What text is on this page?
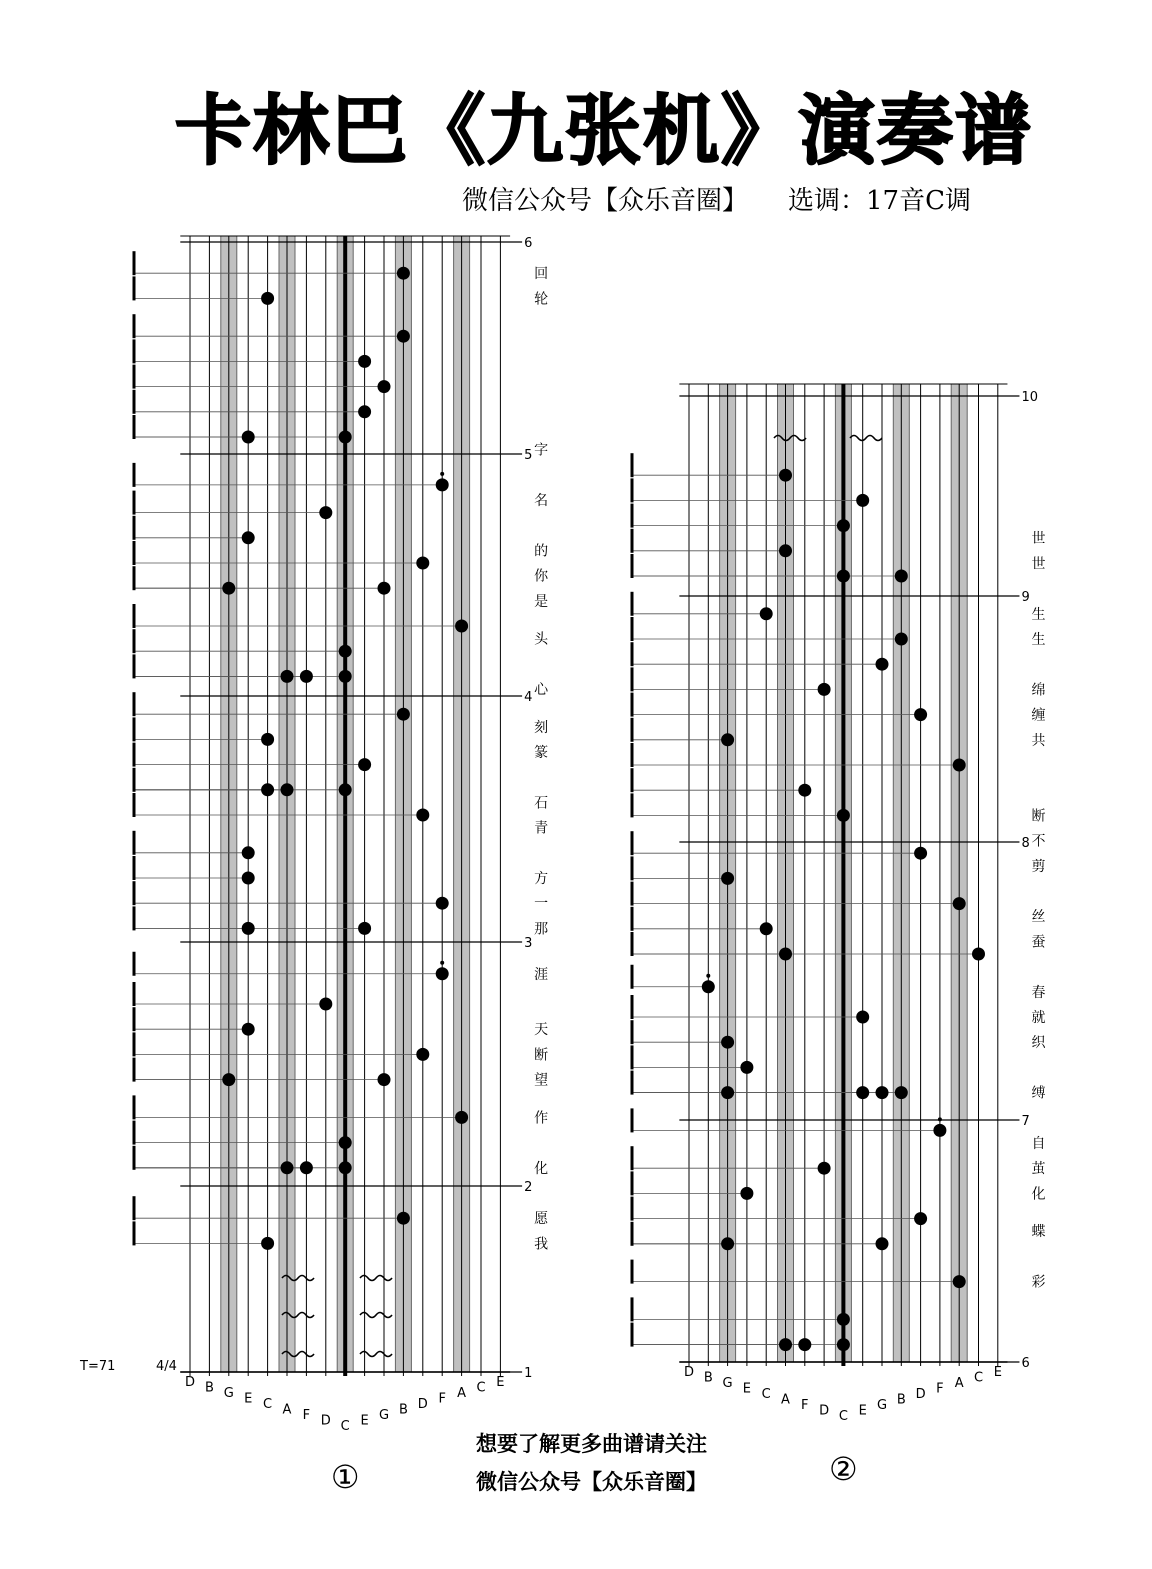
卡林巴《九张机》演奏谱
微信公众号【众乐音圈】 选调：17音C调
D B G E C A F D C E G B D F A C E
6
5
4
3
2
1
回
轮
字
名
的
你
是
头
心
刻
篆
石
青
方
一
那
涯
天
断
望
作
化
愿
我
T=71	4/4
①
D B G E C A F D C E G B D F A C E
10
9
8
7
6
世
世
生
生
绵
缠
共
断
不
剪
丝
蚕
春
就
织
缚
自
茧
化
蝶
彩
②
想要了解更多曲谱请关注
微信公众号【众乐音圈】
